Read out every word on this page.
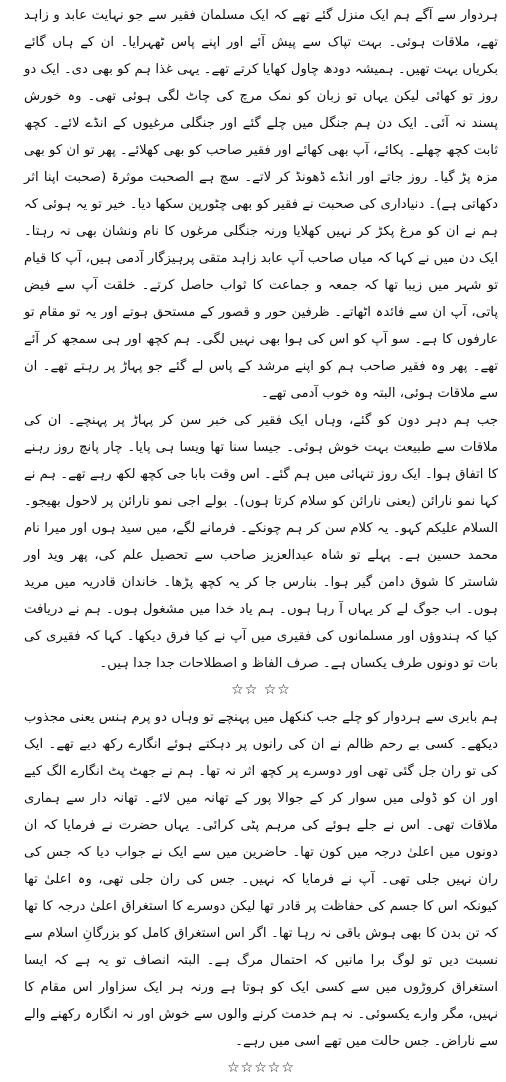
ہردوار سے آگے ہم ایک منزل گئے تھے کہ ایک مسلمان فقیر سے جو نہایت عابد و زاہد تھے، ملاقات ہوئی۔ بہت تپاک سے پیش آئے اور اپنے پاس ٹھہرایا۔ ان کے ہاں گائے بکریاں بہت تھیں۔ ہمیشہ دودھ چاول کھایا کرتے تھے۔ یہی غذا ہم کو بھی دی۔ ایک دو روز تو کھائی لیکن یہاں تو زبان کو نمک مرچ کی چاٹ لگی ہوئی تھی۔ وہ خورش پسند نہ آئی۔ ایک دن ہم جنگل میں چلے گئے اور جنگلی مرغیوں کے انڈے لائے۔ کچھ ثابت کچھ چھلے۔ پکائے، آپ بھی کھائے اور فقیر صاحب کو بھی کھلائے۔ پھر تو ان کو بھی مزہ پڑ گیا۔ روز جاتے اور انڈے ڈھونڈ کر لاتے۔ سچ ہے الصحبت موثرۃ (صحبت اپنا اثر دکھاتی ہے)۔ دنیاداری کی صحبت نے فقیر کو بھی چٹورپن سکھا دیا۔ خیر تو یہ ہوئی کہ ہم نے ان کو مرغ پکڑ کر نہیں کھلایا ورنہ جنگلی مرغوں کا نام ونشان بھی نہ رہتا۔ ایک دن میں نے کہا کہ میاں صاحب آپ عابد زاہد متقی پرہیزگار آدمی ہیں، آپ کا قیام تو شہر میں زیبا تھا کہ جمعہ و جماعت کا ثواب حاصل کرتے۔ خلقت آپ سے فیض پاتی، آپ ان سے فائدہ اٹھاتے۔ ظرفین حور و قصور کے مستحق ہوتے اور یہ تو مقام تو عارفوں کا ہے۔ سو آپ کو اس کی ہوا بھی نہیں لگی۔ ہم کچھ اور ہی سمجھ کر آئے تھے۔ پھر وہ فقیر صاحب ہم کو اپنے مرشد کے پاس لے گئے جو پہاڑ پر رہتے تھے۔ ان سے ملاقات ہوئی، البتہ وہ خوب آدمی تھے۔

جب ہم دہر دون کو گئے، وہاں ایک فقیر کی خبر سن کر پہاڑ پر پہنچے۔ ان کی ملاقات سے طبیعت بہت خوش ہوئی۔ جیسا سنا تھا ویسا ہی پایا۔ چار پانچ روز رہنے کا اتفاق ہوا۔ ایک روز تنہائی میں ہم گئے۔ اس وقت بابا جی کچھ لکھ رہے تھے۔ ہم نے کہا نمو نارائن (یعنی نارائن کو سلام کرتا ہوں)۔ بولے اجی نمو نارائن پر لاحول بھیجو۔ السلام علیکم کہو۔ یہ کلام سن کر ہم چونکے۔ فرمانے لگے، میں سید ہوں اور میرا نام محمد حسین ہے۔ پہلے تو شاہ عبدالعزیز صاحب سے تحصیل علم کی، پھر وید اور شاستر کا شوق دامن گیر ہوا۔ بنارس جا کر یہ کچھ پڑھا۔ خاندان قادریہ میں مرید ہوں۔ اب جوگ لے کر یہاں آ رہا ہوں۔ ہم یاد خدا میں مشغول ہوں۔ ہم نے دریافت کیا کہ ہندوؤں اور مسلمانوں کی فقیری میں آپ نے کیا فرق دیکھا۔ کہا کہ فقیری کی بات تو دونوں طرف یکساں ہے۔ صرف الفاظ و اصطلاحات جدا جدا ہیں۔

☆☆ ☆☆

ہم بابری سے ہردوار کو چلے جب کنکھل میں پہنچے تو وہاں دو پرم ہنس یعنی مجذوب دیکھے۔ کسی بے رحم ظالم نے ان کی رانوں پر دہکتے ہوئے انگارے رکھ دیے تھے۔ ایک کی تو ران جل گئی تھی اور دوسرے پر کچھ اثر نہ تھا۔ ہم نے جھٹ پٹ انگارے الگ کیے اور ان کو ڈولی میں سوار کر کے جوالا پور کے تھانہ میں لائے۔ تھانہ دار سے ہماری ملاقات تھی۔ اس نے جلے ہوئے کی مرہم پٹی کرائی۔ یہاں حضرت نے فرمایا کہ ان دونوں میں اعلیٰ درجہ میں کون تھا۔ حاضرین میں سے ایک نے جواب دیا کہ جس کی ران نہیں جلی تھی۔ آپ نے فرمایا کہ نہیں۔ جس کی ران جلی تھی، وہ اعلیٰ تھا کیونکہ اس کا جسم کی حفاظت پر قادر تھا لیکن دوسرے کا استغراق اعلیٰ درجہ کا تھا کہ تن بدن کا بھی ہوش باقی نہ رہا تھا۔ اگر اس استغراق کامل کو بزرگانِ اسلام سے نسبت دیں تو لوگ برا مانیں کہ احتمال مرگ ہے۔ البتہ انصاف تو یہ ہے کہ ایسا استغراق کروڑوں میں سے کسی ایک کو ہوتا ہے ورنہ ہر ایک سزاوار اس مقام کا نہیں، مگر وارے یکسوئی۔ نہ ہم خدمت کرنے والوں سے خوش اور نہ انگارہ رکھنے والے سے ناراض۔ جس حالت میں تھے اسی میں رہے۔

☆☆☆☆☆
